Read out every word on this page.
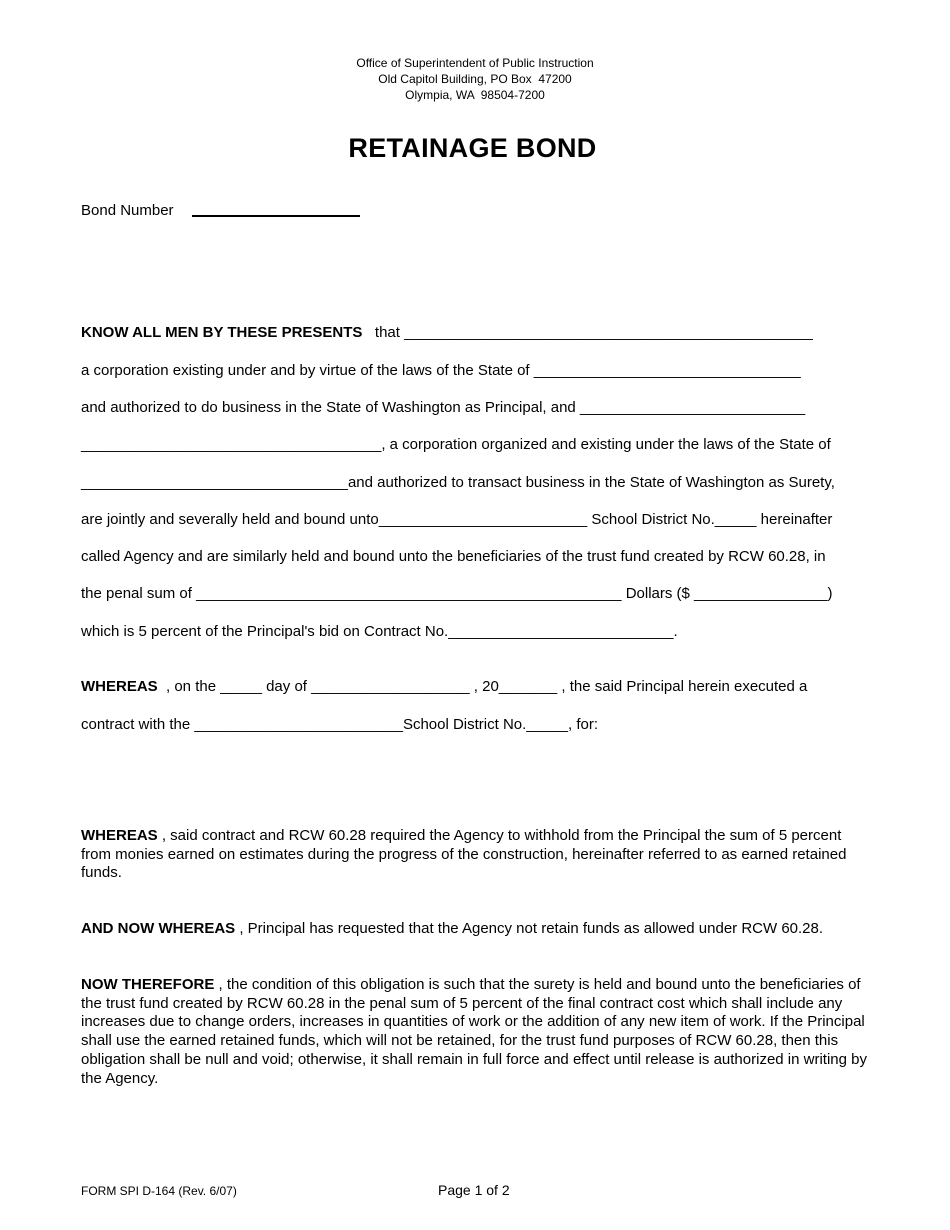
Office of Superintendent of Public Instruction
Old Capitol Building, PO Box  47200
Olympia, WA  98504-7200
RETAINAGE BOND
Bond Number
KNOW ALL MEN BY THESE PRESENTS   that _________________________________________________
a corporation existing under and by virtue of the laws of the State of ________________________________
and authorized to do business in the State of Washington as Principal, and ___________________________
____________________________________, a corporation organized and existing under the laws of the State of
________________________________and authorized to transact business in the State of Washington as Surety,
are jointly and severally held and bound unto_________________________ School District No._____ hereinafter
called Agency and are similarly held and bound unto the beneficiaries of the trust fund created by RCW 60.28, in
the penal sum of ___________________________________________________ Dollars ($ ________________)
which is 5 percent of the Principal's bid on Contract No.___________________________.
WHEREAS  , on the _____ day of ___________________ , 20_______ , the said Principal herein executed a
contract with the _________________________School District No._____, for:
WHEREAS , said contract and RCW 60.28 required the Agency to withhold from the Principal the sum of 5 percent from monies earned on estimates during the progress of the construction, hereinafter referred to as earned retained funds.
AND NOW WHEREAS , Principal has requested that the Agency not retain funds as allowed under RCW 60.28.
NOW THEREFORE , the condition of this obligation is such that the surety is held and bound unto the beneficiaries of the trust fund created by RCW 60.28 in the penal sum of 5 percent of the final contract cost which shall include any increases due to change orders, increases in quantities of work or the addition of any new item of work. If the Principal shall use the earned retained funds, which will not be retained, for the trust fund purposes of RCW 60.28, then this obligation shall be null and void; otherwise, it shall remain in full force and effect until release is authorized in writing by the Agency.
FORM SPI D-164 (Rev. 6/07)	Page 1 of 2
